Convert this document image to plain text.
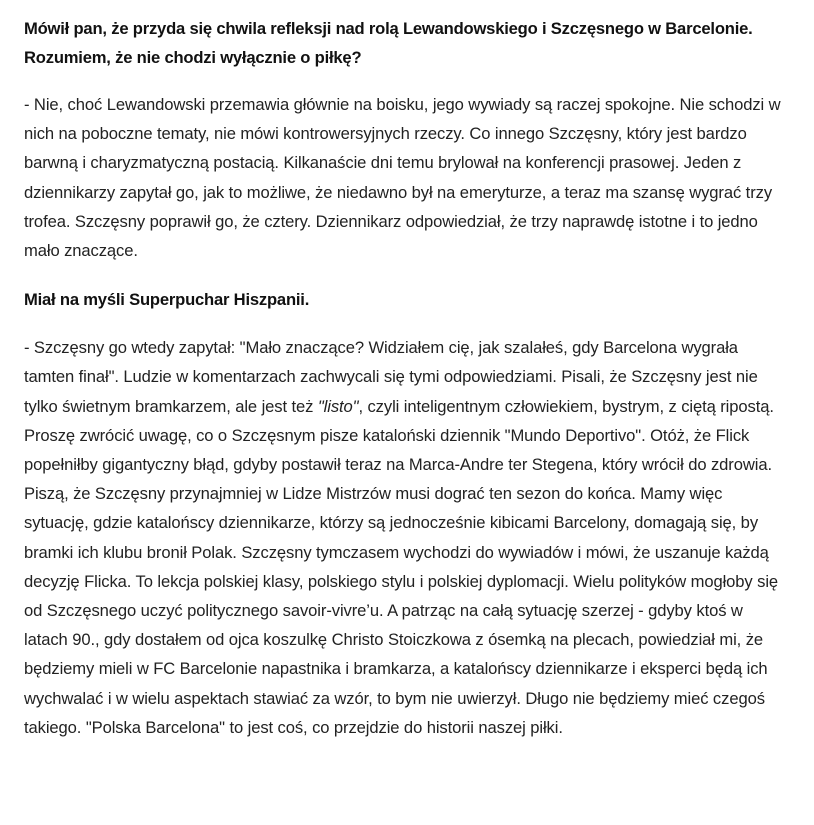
Mówił pan, że przyda się chwila refleksji nad rolą Lewandowskiego i Szczęsnego w Barcelonie. Rozumiem, że nie chodzi wyłącznie o piłkę?

- Nie, choć Lewandowski przemawia głównie na boisku, jego wywiady są raczej spokojne. Nie schodzi w nich na poboczne tematy, nie mówi kontrowersyjnych rzeczy. Co innego Szczęsny, który jest bardzo barwną i charyzmatyczną postacią. Kilkanaście dni temu brylował na konferencji prasowej. Jeden z dziennikarzy zapytał go, jak to możliwe, że niedawno był na emeryturze, a teraz ma szansę wygrać trzy trofea. Szczęsny poprawił go, że cztery. Dziennikarz odpowiedział, że trzy naprawdę istotne i to jedno mało znaczące.

Miał na myśli Superpuchar Hiszpanii.

- Szczęsny go wtedy zapytał: "Mało znaczące? Widziałem cię, jak szalałeś, gdy Barcelona wygrała tamten finał". Ludzie w komentarzach zachwycali się tymi odpowiedziami. Pisali, że Szczęsny jest nie tylko świetnym bramkarzem, ale jest też "listo", czyli inteligentnym człowiekiem, bystrym, z ciętą ripostą. Proszę zwrócić uwagę, co o Szczęsnym pisze kataloński dziennik "Mundo Deportivo". Otóż, że Flick popełniłby gigantyczny błąd, gdyby postawił teraz na Marca-Andre ter Stegena, który wrócił do zdrowia. Piszą, że Szczęsny przynajmniej w Lidze Mistrzów musi dograć ten sezon do końca. Mamy więc sytuację, gdzie katalońscy dziennikarze, którzy są jednocześnie kibicami Barcelony, domagają się, by bramki ich klubu bronił Polak. Szczęsny tymczasem wychodzi do wywiadów i mówi, że uszanuje każdą decyzję Flicka. To lekcja polskiej klasy, polskiego stylu i polskiej dyplomacji. Wielu polityków mogłoby się od Szczęsnego uczyć politycznego savoir-vivre’u. A patrząc na całą sytuację szerzej - gdyby ktoś w latach 90., gdy dostałem od ojca koszulkę Christo Stoiczkowa z ósemką na plecach, powiedział mi, że będziemy mieli w FC Barcelonie napastnika i bramkarza, a katalońscy dziennikarze i eksperci będą ich wychwalać i w wielu aspektach stawiać za wzór, to bym nie uwierzył. Długo nie będziemy mieć czegoś takiego. "Polska Barcelona" to jest coś, co przejdzie do historii naszej piłki.
